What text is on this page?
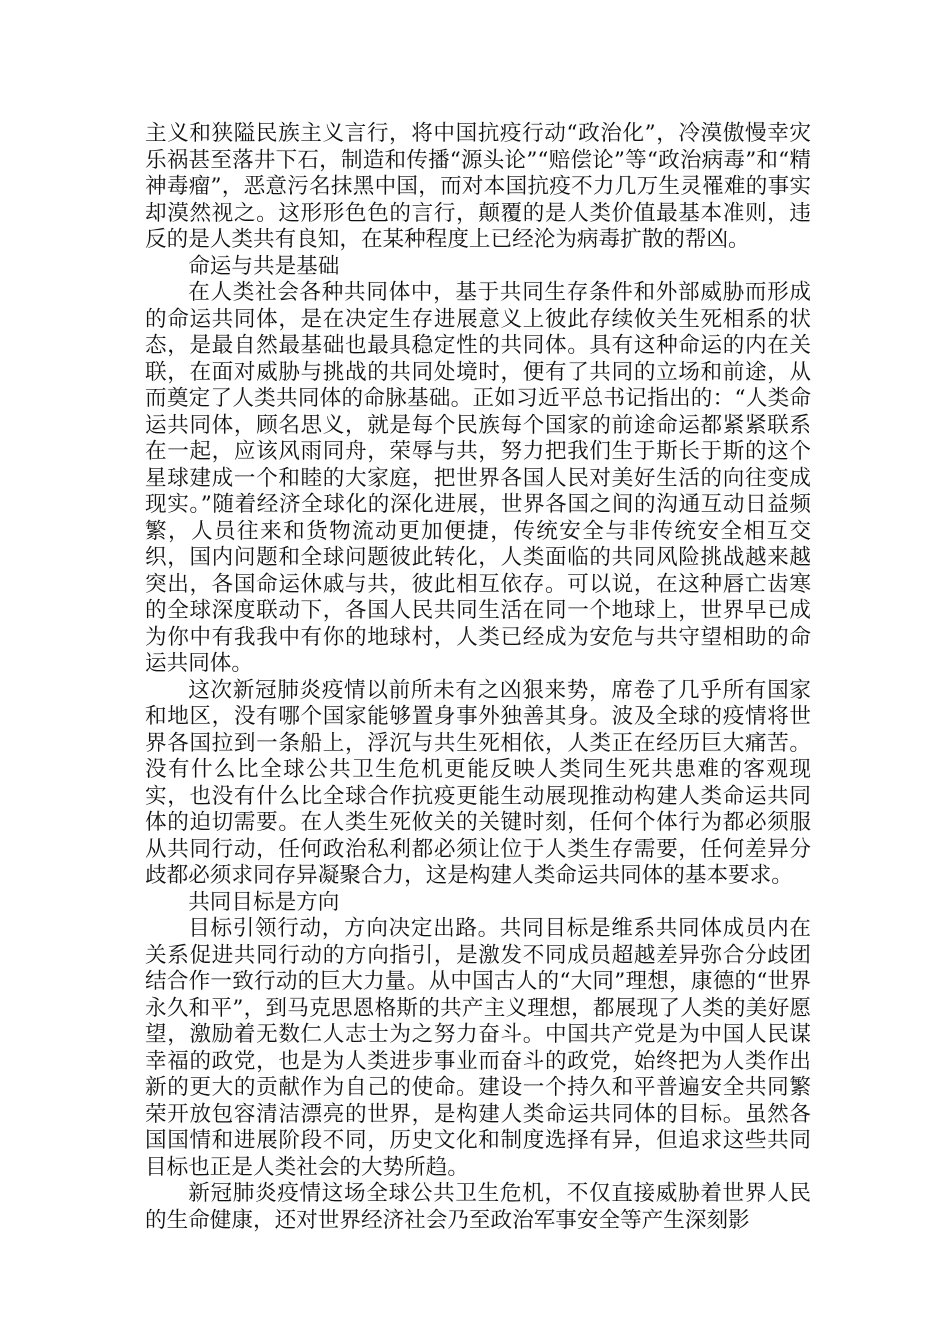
主义和狭隘民族主义言行，将中国抗疫行动“政治化”，冷漠傲慢幸灾乐祸甚至落井下石，制造和传播“源头论”“赔偿论”等“政治病毒”和“精神毒瘤”，恶意污名抹黑中国，而对本国抗疫不力几万生灵罹难的事实却漠然视之。这形形色色的言行，颠覆的是人类价值最基本准则，违反的是人类共有良知，在某种程度上已经沦为病毒扩散的帮凶。

命运与共是基础

在人类社会各种共同体中，基于共同生存条件和外部威胁而形成的命运共同体，是在决定生存进展意义上彼此存续攸关生死相系的状态，是最自然最基础也最具稳定性的共同体。具有这种命运的内在关联，在面对威胁与挑战的共同处境时，便有了共同的立场和前途，从而奠定了人类共同体的命脉基础。正如习近平总书记指出的：“人类命运共同体，顾名思义，就是每个民族每个国家的前途命运都紧紧联系在一起，应该风雨同舟，荣辱与共，努力把我们生于斯长于斯的这个星球建成一个和睦的大家庭，把世界各国人民对美好生活的向往变成现实。”随着经济全球化的深化进展，世界各国之间的沟通互动日益频繁，人员往来和货物流动更加便捷，传统安全与非传统安全相互交织，国内问题和全球问题彼此转化，人类面临的共同风险挑战越来越突出，各国命运休戚与共，彼此相互依存。可以说，在这种唇亡齿寒的全球深度联动下，各国人民共同生活在同一个地球上，世界早已成为你中有我我中有你的地球村，人类已经成为安危与共守望相助的命运共同体。

这次新冠肺炎疫情以前所未有之凶狠来势，席卷了几乎所有国家和地区，没有哪个国家能够置身事外独善其身。波及全球的疫情将世界各国拉到一条船上，浮沉与共生死相依，人类正在经历巨大痛苦。没有什么比全球公共卫生危机更能反映人类同生死共患难的客观现实，也没有什么比全球合作抗疫更能生动展现推动构建人类命运共同体的迫切需要。在人类生死攸关的关键时刻，任何个体行为都必须服从共同行动，任何政治私利都必须让位于人类生存需要，任何差异分歧都必须求同存异凝聚合力，这是构建人类命运共同体的基本要求。

共同目标是方向

目标引领行动，方向决定出路。共同目标是维系共同体成员内在关系促进共同行动的方向指引，是激发不同成员超越差异弥合分歧团结合作一致行动的巨大力量。从中国古人的“大同”理想，康德的“世界永久和平”，到马克思恩格斯的共产主义理想，都展现了人类的美好愿望，激励着无数仁人志士为之努力奋斗。中国共产党是为中国人民谋幸福的政党，也是为人类进步事业而奋斗的政党，始终把为人类作出新的更大的贡献作为自己的使命。建设一个持久和平普遍安全共同繁荣开放包容清洁漂亮的世界，是构建人类命运共同体的目标。虽然各国国情和进展阶段不同，历史文化和制度选择有异，但追求这些共同目标也正是人类社会的大势所趋。

新冠肺炎疫情这场全球公共卫生危机，不仅直接威胁着世界人民的生命健康，还对世界经济社会乃至政治军事安全等产生深刻影
